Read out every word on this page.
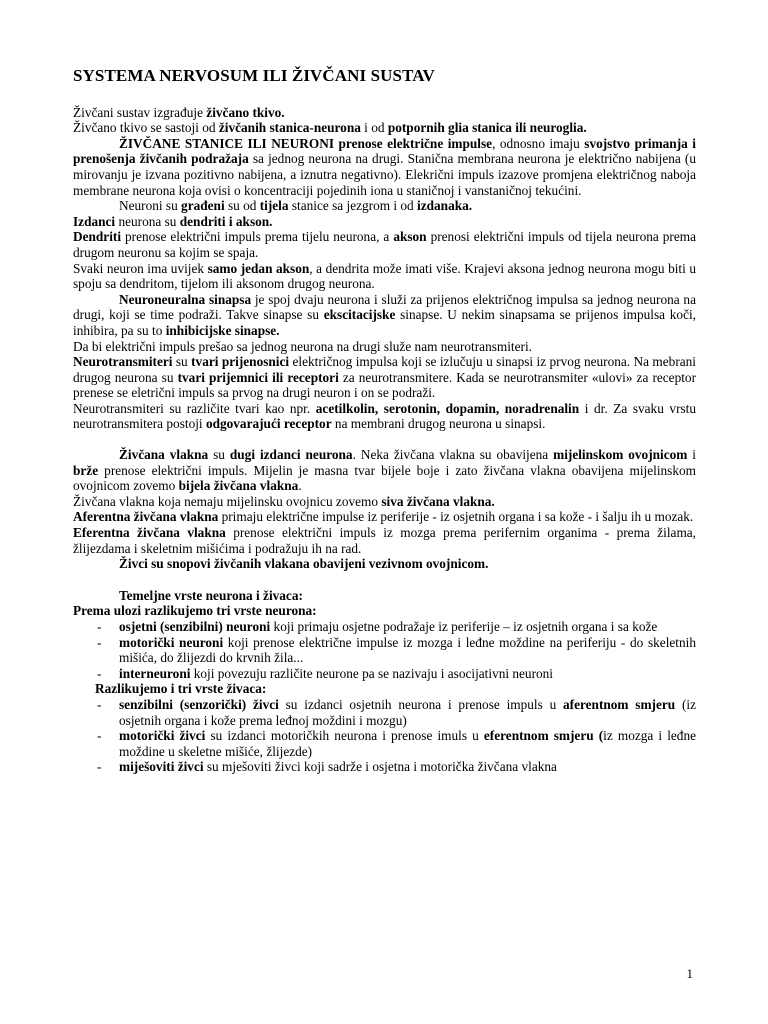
SYSTEMA NERVOSUM ILI ŽIVČANI SUSTAV

Živčani sustav izgrađuje živčano tkivo.

Živčano tkivo se sastoji od živčanih stanica-neurona i od potpornih glia stanica ili neuroglia.

ŽIVČANE STANICE ILI NEURONI prenose električne impulse, odnosno imaju svojstvo primanja i prenošenja živčanih podražaja sa jednog neurona na drugi. Stanična membrana neurona je električno nabijena (u mirovanju je izvana pozitivno nabijena, a iznutra negativno). Elekrični impuls izazove promjena električnog naboja membrane neurona koja ovisi o koncentraciji pojedinih iona u staničnoj i vanstaničnoj tekućini.

Neuroni su građeni su od tijela stanice sa jezgrom i od izdanaka.

Izdanci neurona su dendriti i akson.

Dendriti prenose električni impuls prema tijelu neurona, a akson prenosi električni impuls od tijela neurona prema drugom neuronu sa kojim se spaja.

Svaki neuron ima uvijek samo jedan akson, a dendrita može imati više. Krajevi aksona jednog neurona mogu biti u spoju sa dendritom, tijelom ili aksonom drugog neurona.

Neuroneuralna sinapsa je spoj dvaju neurona i služi za prijenos električnog impulsa sa jednog neurona na drugi, koji se time podraži. Takve sinapse su ekscitacijske sinapse. U nekim sinapsama se prijenos impulsa koči, inhibira, pa su to inhibicijske sinapse.

Da bi električni impuls prešao sa jednog neurona na drugi služe nam neurotransmiteri.

Neurotransmiteri su tvari prijenosnici električnog impulsa koji se izlučuju u sinapsi iz prvog neurona. Na mebrani drugog neurona su tvari prijemnici ili receptori za neurotransmitere. Kada se neurotransmiter «ulovi» za receptor prenese se eletrični impuls sa prvog na drugi neuron i on se podraži.

Neurotransmiteri su različite tvari kao npr. acetilkolin, serotonin, dopamin, noradrenalin i dr. Za svaku vrstu neurotransmitera postoji odgovarajući receptor na membrani drugog neurona u sinapsi.

Živčana vlakna su dugi izdanci neurona. Neka živčana vlakna su obavijena mijelinskom ovojnicom i brže prenose električni impuls. Mijelin je masna tvar bijele boje i zato živčana vlakna obavijena mijelinskom ovojnicom zovemo bijela živčana vlakna.

Živčana vlakna koja nemaju mijelinsku ovojnicu zovemo siva živčana vlakna.

Aferentna živčana vlakna primaju električne impulse iz periferije - iz osjetnih organa i sa kože - i šalju ih u mozak.

Eferentna živčana vlakna prenose električni impuls iz mozga prema perifernim organima - prema žilama, žlijezdama i skeletnim mišićima i podražuju ih na rad.

Živci su snopovi živčanih vlakana obavijeni vezivnom ovojnicom.

Temeljne vrste neurona i živaca:
Prema ulozi razlikujemo tri vrste neurona:
- osjetni (senzibilni) neuroni koji primaju osjetne podražaje iz periferije – iz osjetnih organa i sa kože
- motorički neuroni koji prenose električne impulse iz mozga i leđne moždine na periferiju - do skeletnih mišića, do žlijezdi do krvnih žila...
- interneuroni koji povezuju različite neurone pa se nazivaju i asocijativni neuroni
Razlikujemo i tri vrste živaca:
- senzibilni (senzorički) živci su izdanci osjetnih neurona i prenose impuls u aferentnom smjeru (iz osjetnih organa i kože prema leđnoj moždini i mozgu)
- motorički živci su izdanci motoričkih neurona i prenose imuls u eferentnom smjeru (iz mozga i leđne moždine u skeletne mišiće, žlijezde)
- miješoviti živci su mješoviti živci koji sadrže i osjetna i motorička živčana vlakna
1
